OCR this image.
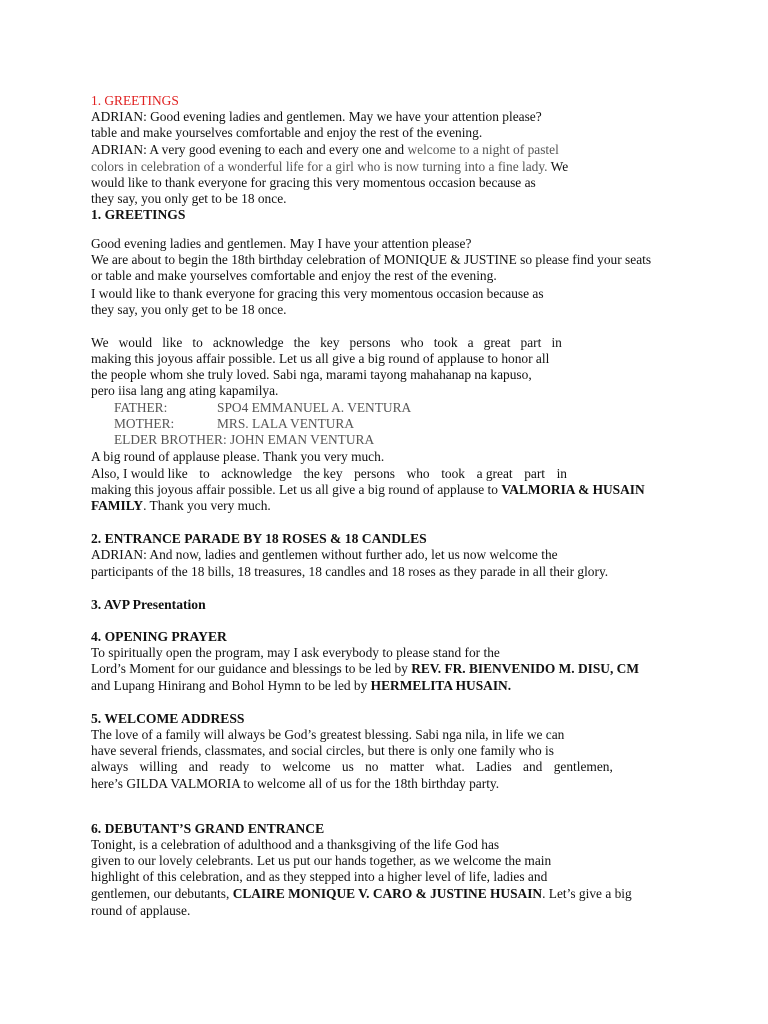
1. GREETINGS
ADRIAN: Good evening ladies and gentlemen. May we have your attention please?
table and make yourselves comfortable and enjoy the rest of the evening.
ADRIAN: A very good evening to each and every one and welcome to a night of pastel
colors in celebration of a wonderful life for a girl who is now turning into a fine lady. We
would like to thank everyone for gracing this very momentous occasion because as
they say, you only get to be 18 once.
1. GREETINGS
Good evening ladies and gentlemen. May I have your attention please?
We are about to begin the 18th birthday celebration of MONIQUE & JUSTINE so please find your seats
or table and make yourselves comfortable and enjoy the rest of the evening.
I would like to thank everyone for gracing this very momentous occasion because as
they say, you only get to be 18 once.
We would like to acknowledge the key persons who took a great part in
making this joyous affair possible. Let us all give a big round of applause to honor all
the people whom she truly loved. Sabi nga, marami tayong mahahanap na kapuso,
pero iisa lang ang ating kapamilya.
FATHER:	SPO4 EMMANUEL A. VENTURA
MOTHER:	MRS. LALA VENTURA
ELDER BROTHER: JOHN EMAN VENTURA
A big round of applause please. Thank you very much.
Also, I would like to acknowledge the key persons who took a great part in
making this joyous affair possible. Let us all give a big round of applause to VALMORIA & HUSAIN
FAMILY. Thank you very much.
2. ENTRANCE PARADE BY 18 ROSES & 18 CANDLES
ADRIAN: And now, ladies and gentlemen without further ado, let us now welcome the
participants of the 18 bills, 18 treasures, 18 candles and 18 roses as they parade in all their glory.
3. AVP Presentation
4. OPENING PRAYER
To spiritually open the program, may I ask everybody to please stand for the
Lord’s Moment for our guidance and blessings to be led by REV. FR. BIENVENIDO M. DISU, CM
and Lupang Hinirang and Bohol Hymn to be led by HERMELITA HUSAIN.
5. WELCOME ADDRESS
The love of a family will always be God’s greatest blessing. Sabi nga nila, in life we can
have several friends, classmates, and social circles, but there is only one family who is
always willing and ready to welcome us no matter what. Ladies and gentlemen,
here’s GILDA VALMORIA to welcome all of us for the 18th birthday party.
6. DEBUTANT’S GRAND ENTRANCE
Tonight, is a celebration of adulthood and a thanksgiving of the life God has
given to our lovely celebrants. Let us put our hands together, as we welcome the main
highlight of this celebration, and as they stepped into a higher level of life, ladies and
gentlemen, our debutants, CLAIRE MONIQUE V. CARO & JUSTINE HUSAIN. Let’s give a big
round of applause.
